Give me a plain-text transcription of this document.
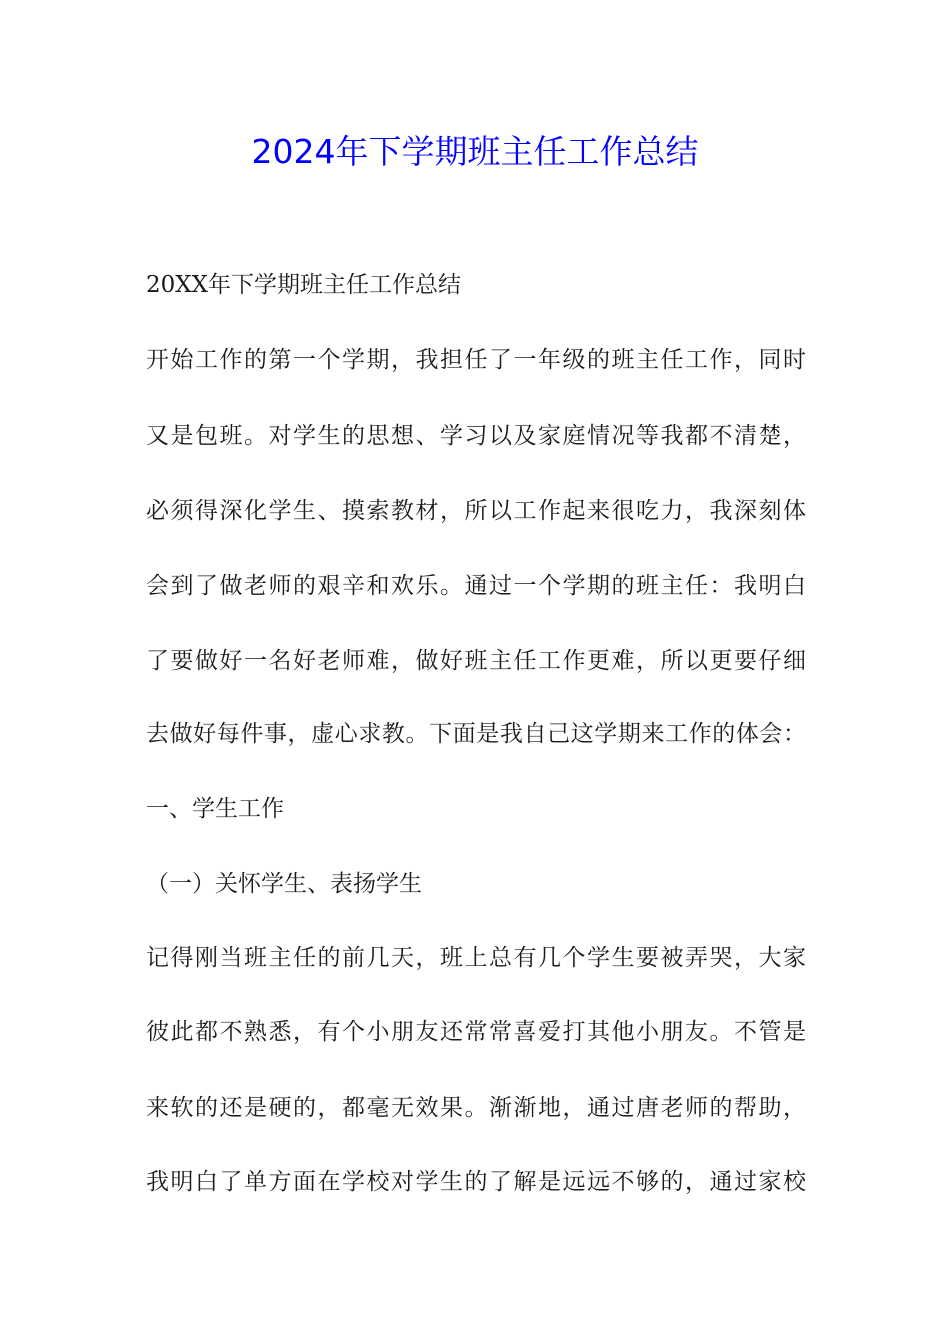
2024年下学期班主任工作总结
20XX年下学期班主任工作总结
开始工作的第一个学期，我担任了一年级的班主任工作，同时
又是包班。对学生的思想、学习以及家庭情况等我都不清楚，
必须得深化学生、摸索教材，所以工作起来很吃力，我深刻体
会到了做老师的艰辛和欢乐。通过一个学期的班主任：我明白
了要做好一名好老师难，做好班主任工作更难，所以更要仔细
去做好每件事，虚心求教。下面是我自己这学期来工作的体会：
一、学生工作
（一）关怀学生、表扬学生
记得刚当班主任的前几天，班上总有几个学生要被弄哭，大家
彼此都不熟悉，有个小朋友还常常喜爱打其他小朋友。不管是
来软的还是硬的，都毫无效果。渐渐地，通过唐老师的帮助，
我明白了单方面在学校对学生的了解是远远不够的，通过家校
